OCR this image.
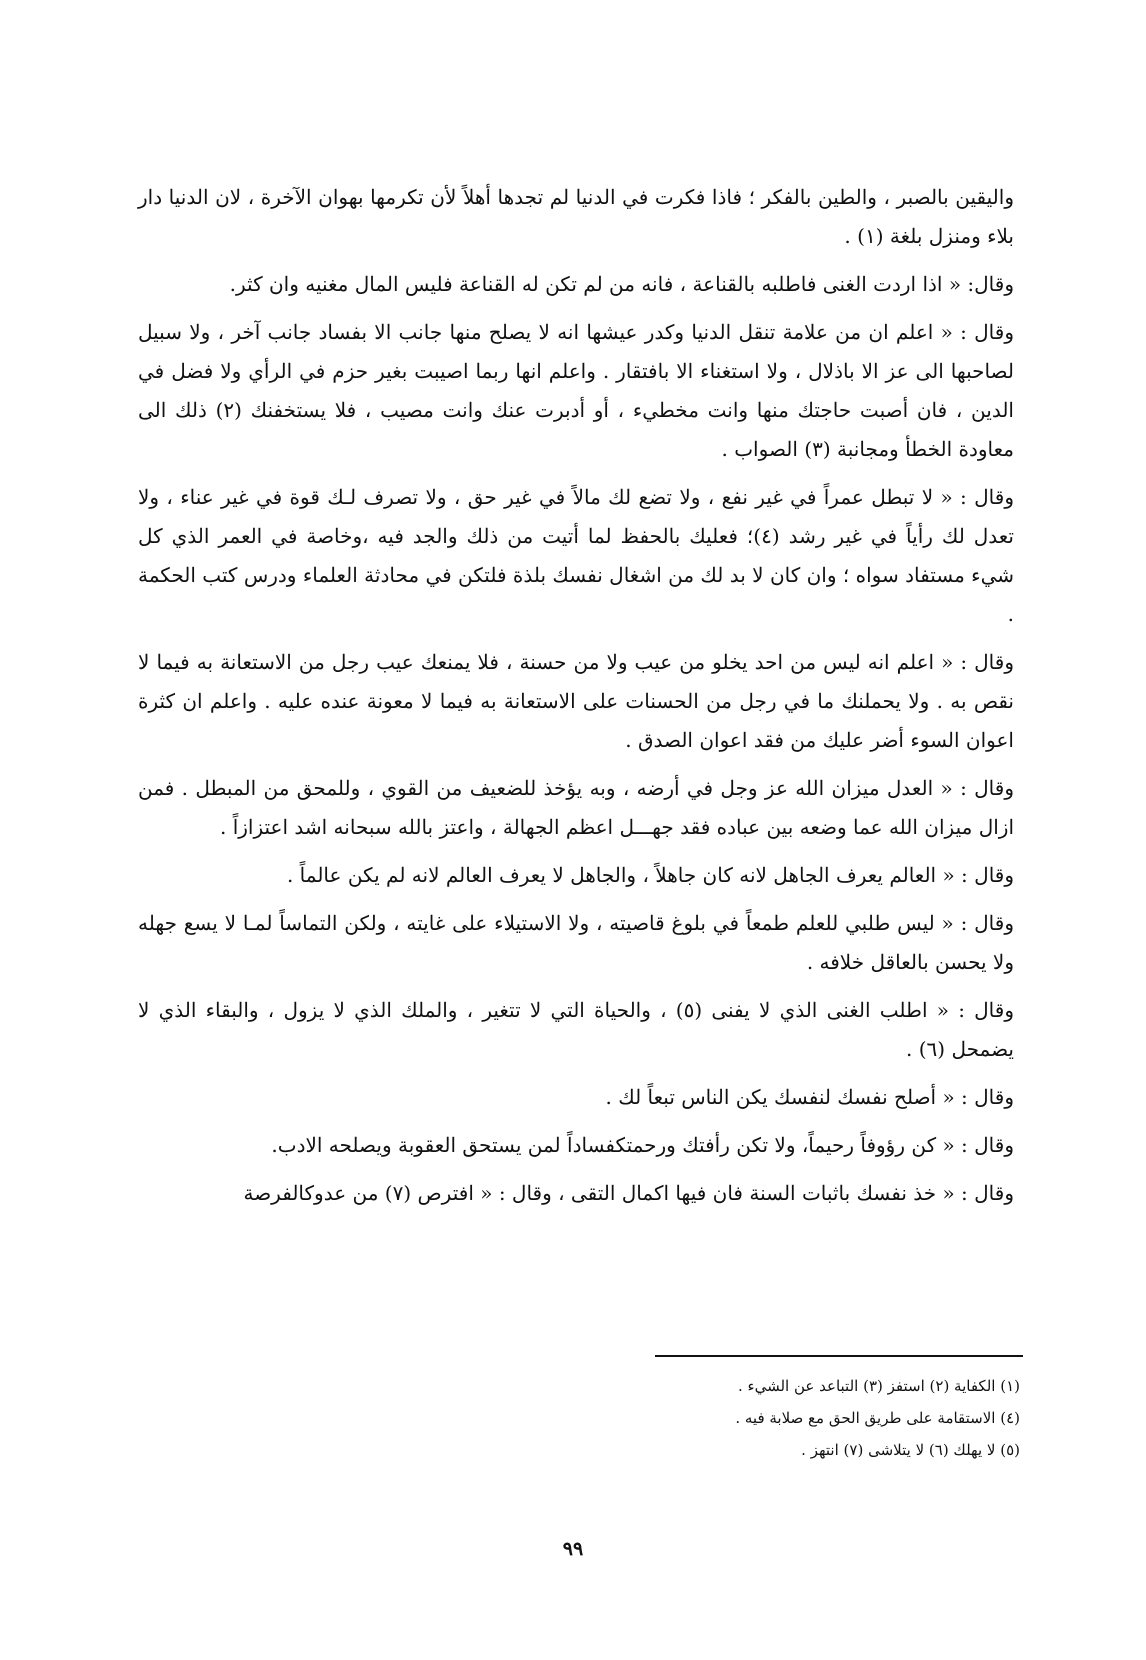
واليقين بالصبر ، والطين بالفكر ؛ فاذا فكرت في الدنيا لم تجدها أهلاً لأن تكرمها بهوان الآخرة ، لان الدنيا دار بلاء ومنزل بلغة (١) .

وقال: « اذا اردت الغنى فاطلبه بالقناعة ، فانه من لم تكن له القناعة فليس المال مغنيه وان كثر.

وقال : « اعلم ان من علامة تنقل الدنيا وكدر عيشها انه لا يصلح منها جانب الا بفساد جانب آخر ، ولا سبيل لصاحبها الى عز الا باذلال ، ولا استغناء الا بافتقار . واعلم انها ربما اصيبت بغير حزم في الرأي ولا فضل في الدين ، فان أصبت حاجتك منها وانت مخطيء ، أو أدبرت عنك وانت مصيب ، فلا يستخفنك (٢) ذلك الى معاودة الخطأ ومجانبة (٣) الصواب .

وقال : « لا تبطل عمراً في غير نفع ، ولا تضع لك مالاً في غير حق ، ولا تصرف لـك قوة في غير عناء ، ولا تعدل لك رأياً في غير رشد (٤)؛ فعليك بالحفظ لما أتيت من ذلك والجد فيه ،وخاصة في العمر الذي كل شيء مستفاد سواه ؛ وان كان لا بد لك من اشغال نفسك بلذة فلتكن في محادثة العلماء ودرس كتب الحكمة .

وقال : « اعلم انه ليس من احد يخلو من عيب ولا من حسنة ، فلا يمنعك عيب رجل من الاستعانة به فيما لا نقص به . ولا يحملنك ما في رجل من الحسنات على الاستعانة به فيما لا معونة عنده عليه . واعلم ان كثرة اعوان السوء أضر عليك من فقد اعوان الصدق .

وقال : « العدل ميزان الله عز وجل في أرضه ، وبه يؤخذ للضعيف من القوي ، وللمحق من المبطل . فمن ازال ميزان الله عما وضعه بين عباده فقد جهـــل اعظم الجهالة ، واعتز بالله سبحانه اشد اعتزازاً .

وقال : « العالم يعرف الجاهل لانه كان جاهلاً ، والجاهل لا يعرف العالم لانه لم يكن عالماً .

وقال : « ليس طلبي للعلم طمعاً في بلوغ قاصيته ، ولا الاستيلاء على غايته ، ولكن التماساً لمـا لا يسع جهله ولا يحسن بالعاقل خلافه .

وقال : « اطلب الغنى الذي لا يفنى (٥) ، والحياة التي لا تتغير ، والملك الذي لا يزول ، والبقاء الذي لا يضمحل (٦) .

وقال : « أصلح نفسك لنفسك يكن الناس تبعاً لك .

وقال : « كن رؤوفاً رحيماً، ولا تكن رأفتك ورحمتكفساداً لمن يستحق العقوبة ويصلحه الادب.

وقال : « خذ نفسك باثبات السنة فان فيها اكمال التقى ، وقال : « افترص (٧) من عدوكالفرصة

(١) الكفاية (٢) استفز (٣) التباعد عن الشيء .

(٤) الاستقامة على طريق الحق مع صلابة فيه .

(٥) لا يهلك (٦) لا يتلاشى (٧) انتهز .

٩٩
